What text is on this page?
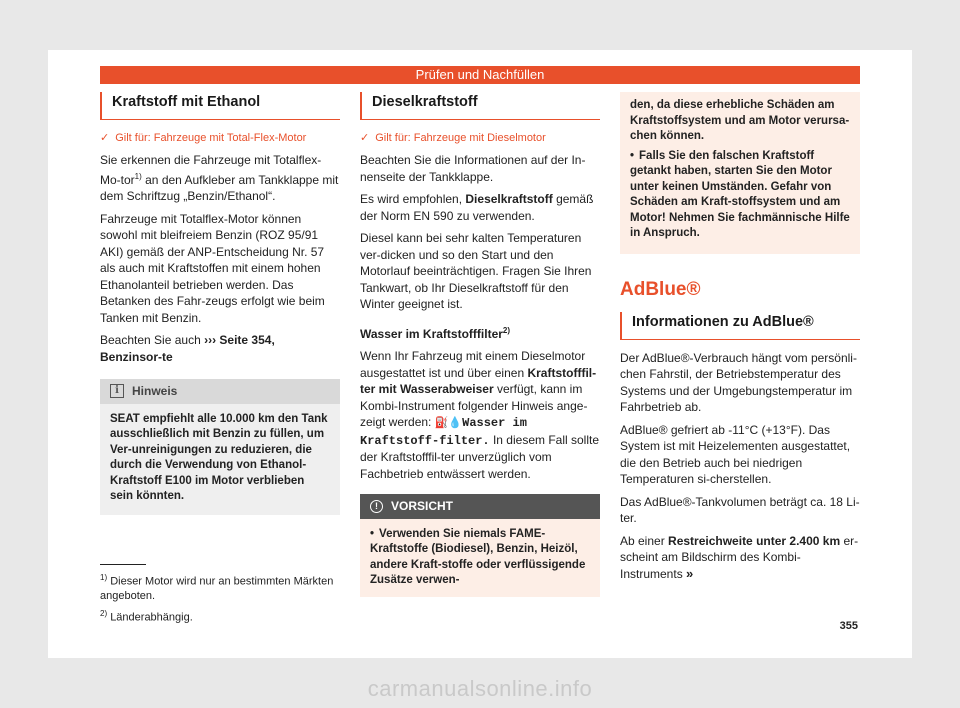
Prüfen und Nachfüllen
Kraftstoff mit Ethanol

✓ Gilt für: Fahrzeuge mit Total-Flex-Motor

Sie erkennen die Fahrzeuge mit Totalflex-Mo-tor$^{1)}$ an den Aufkleber am Tankklappe mit dem Schriftzug „Benzin/Ethanol“.

Fahrzeuge mit Totalflex-Motor können sowohl mit bleifreiem Benzin (ROZ 95/91 AKI) gemäß der ANP-Entscheidung Nr. 57 als auch mit Kraftstoffen mit einem hohen Ethanolanteil betrieben werden. Das Betanken des Fahr-zeugs erfolgt wie beim Tanken mit Benzin.

Beachten Sie auch ››› Seite 354, Benzinsor-te

i	Hinweis
SEAT empfiehlt alle 10.000 km den Tank ausschließlich mit Benzin zu füllen, um Ver-unreinigungen zu reduzieren, die durch die Verwendung von Ethanol-Kraftstoff E100 im Motor verblieben sein könnten.
Dieselkraftstoff

✓ Gilt für: Fahrzeuge mit Dieselmotor

Beachten Sie die Informationen auf der In-nenseite der Tankklappe.

Es wird empfohlen, Dieselkraftstoff gemäß der Norm EN 590 zu verwenden.

Diesel kann bei sehr kalten Temperaturen ver-dicken und so den Start und den Motorlauf beeinträchtigen. Fragen Sie Ihren Tankwart, ob Ihr Dieselkraftstoff für den Winter geeignet ist.

Wasser im Kraftstofffilter$^{2)}$

Wenn Ihr Fahrzeug mit einem Dieselmotor ausgestattet ist und über einen Kraftstofffil-ter mit Wasserabweiser verfügt, kann im Kombi-Instrument folgender Hinweis ange-zeigt werden: ⛽💧Wasser im Kraftstoff-filter. In diesem Fall sollte der Kraftstofffil-ter unverzüglich vom Fachbetrieb entwässert werden.

!	VORSICHT
• Verwenden Sie niemals FAME-Kraftstoffe (Biodiesel), Benzin, Heizöl, andere Kraft-stoffe oder verflüssigende Zusätze verwen-

den, da diese erhebliche Schäden am Kraftstoffsystem und am Motor verursa-chen können.

• Falls Sie den falschen Kraftstoff getankt haben, starten Sie den Motor unter keinen Umständen. Gefahr von Schäden am Kraft-stoffsystem und am Motor! Nehmen Sie fachmännische Hilfe in Anspruch.

AdBlue®
Informationen zu AdBlue®

Der AdBlue®-Verbrauch hängt vom persönli-chen Fahrstil, der Betriebstemperatur des Systems und der Umgebungstemperatur im Fahrbetrieb ab.

AdBlue® gefriert ab -11°C (+13°F). Das System ist mit Heizelementen ausgestattet, die den Betrieb auch bei niedrigen Temperaturen si-cherstellen.

Das AdBlue®-Tankvolumen beträgt ca. 18 Li-ter.

Ab einer Restreichweite unter 2.400 km er-scheint am Bildschirm des Kombi-Instruments »

$^{1)}$ Dieser Motor wird nur an bestimmten Märkten angeboten.

$^{2)}$ Länderabhängig.

355
carmanualsonline.info
